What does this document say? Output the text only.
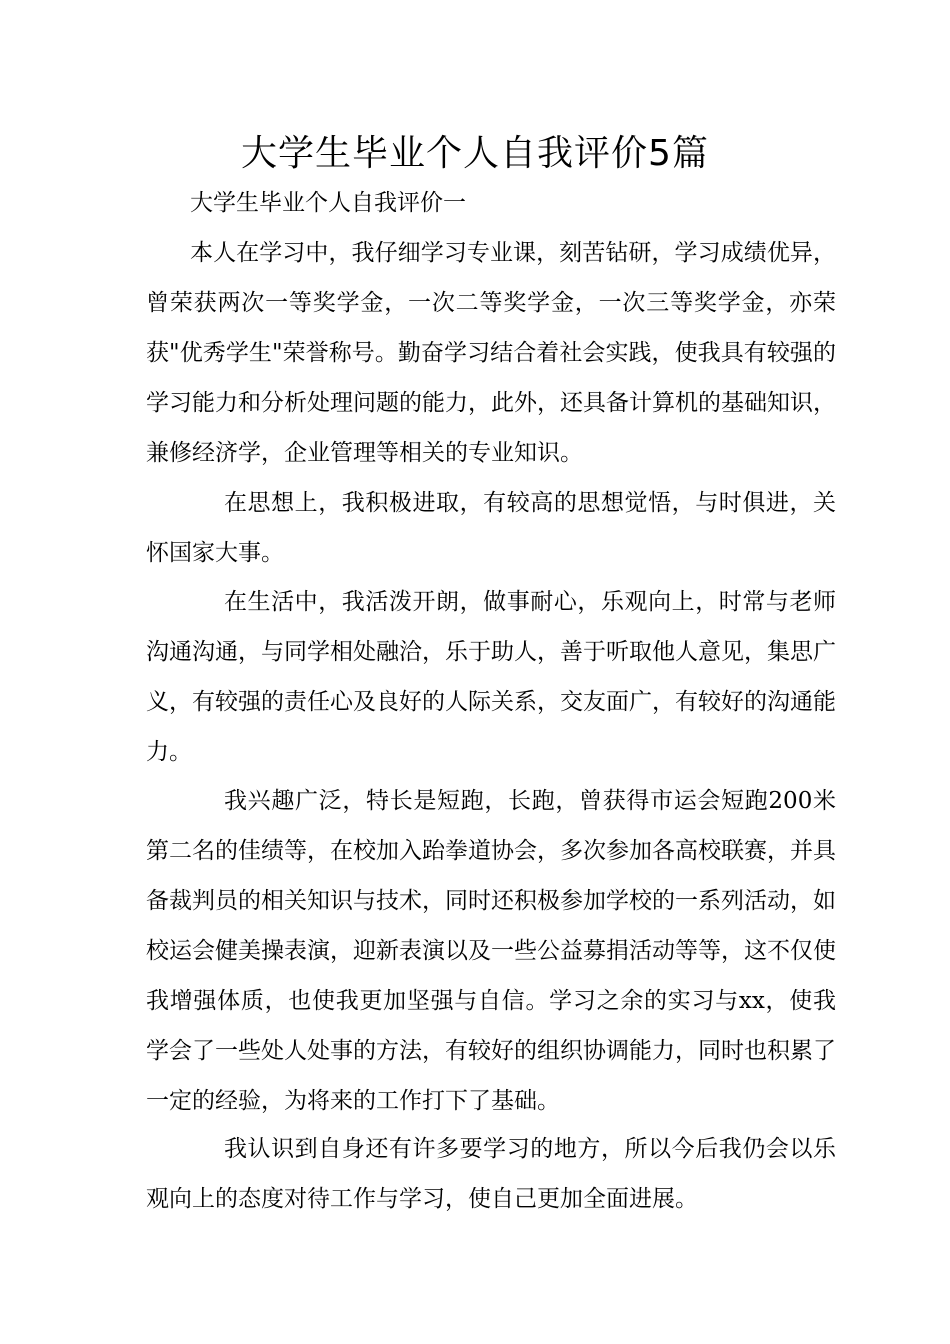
大学生毕业个人自我评价5篇

大学生毕业个人自我评价一

本人在学习中，我仔细学习专业课，刻苦钻研，学习成绩优异，曾荣获两次一等奖学金，一次二等奖学金，一次三等奖学金，亦荣获"优秀学生"荣誉称号。勤奋学习结合着社会实践，使我具有较强的学习能力和分析处理问题的能力，此外，还具备计算机的基础知识，兼修经济学，企业管理等相关的专业知识。

在思想上，我积极进取，有较高的思想觉悟，与时俱进，关怀国家大事。

在生活中，我活泼开朗，做事耐心，乐观向上，时常与老师沟通沟通，与同学相处融洽，乐于助人，善于听取他人意见，集思广义，有较强的责任心及良好的人际关系，交友面广，有较好的沟通能力。

我兴趣广泛，特长是短跑，长跑，曾获得市运会短跑200米第二名的佳绩等，在校加入跆拳道协会，多次参加各高校联赛，并具备裁判员的相关知识与技术，同时还积极参加学校的一系列活动，如校运会健美操表演，迎新表演以及一些公益募捐活动等等，这不仅使我增强体质，也使我更加坚强与自信。学习之余的实习与xx，使我学会了一些处人处事的方法，有较好的组织协调能力，同时也积累了一定的经验，为将来的工作打下了基础。

我认识到自身还有许多要学习的地方，所以今后我仍会以乐观向上的态度对待工作与学习，使自己更加全面进展。
